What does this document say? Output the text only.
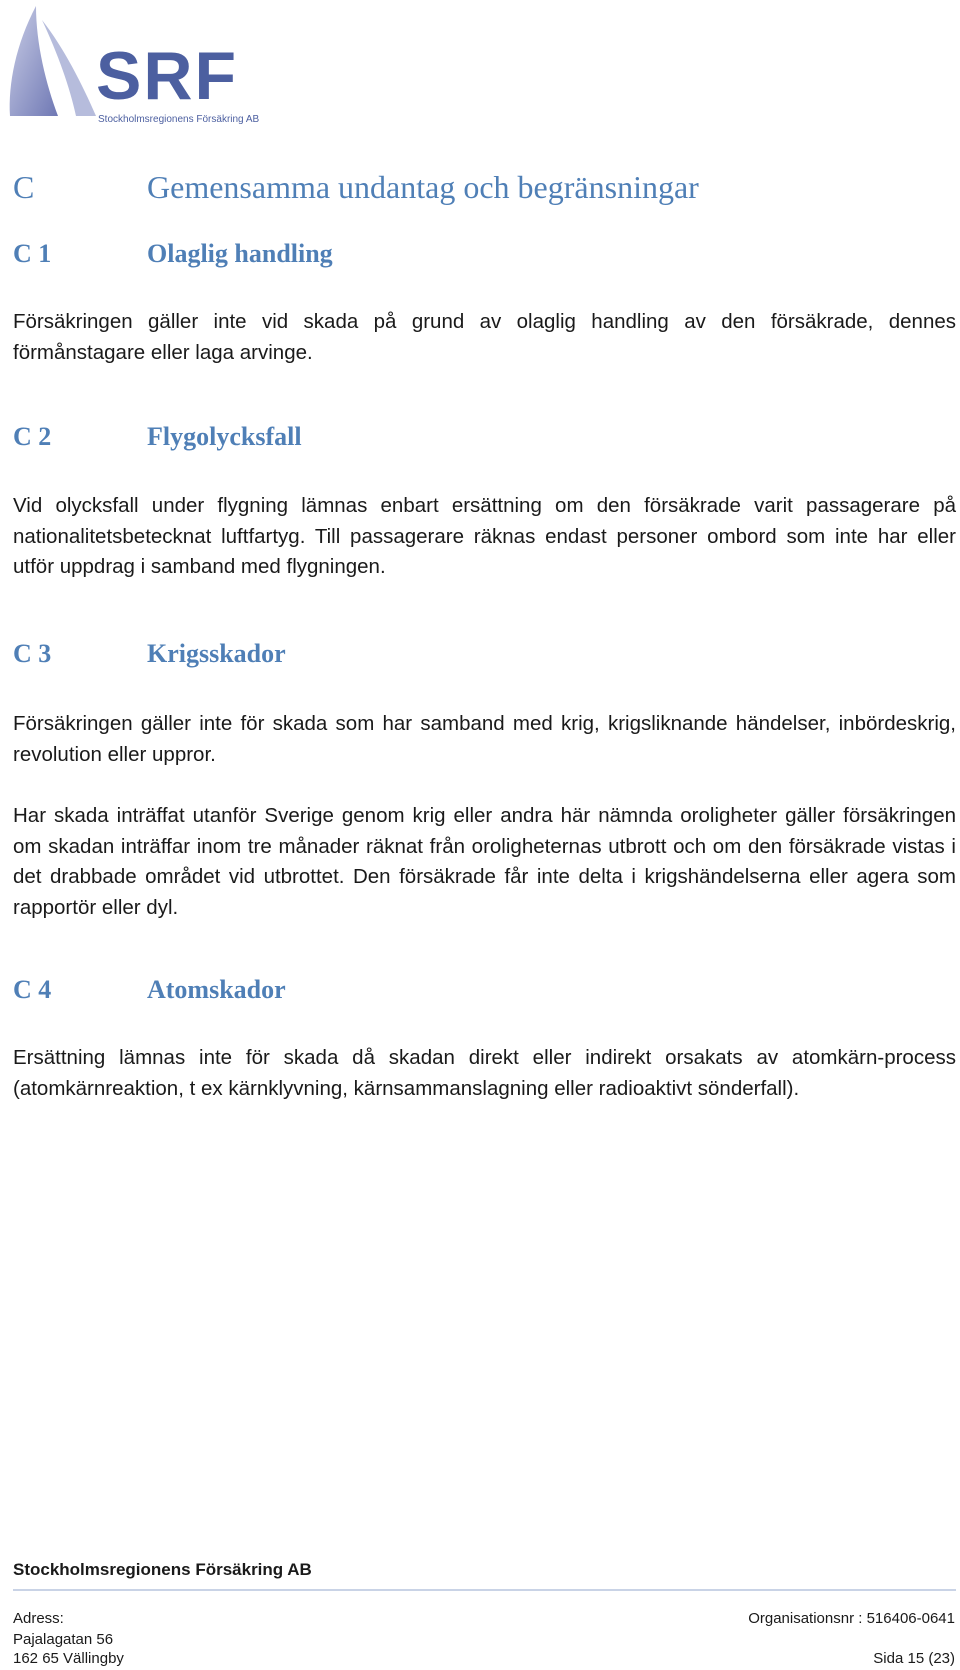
SRF
Stockholmsregionens Försäkring AB
C	Gemensamma undantag och begränsningar
C 1	Olaglig handling

Försäkringen gäller inte vid skada på grund av olaglig handling av den försäkrade, dennes förmånstagare eller laga arvinge.

C 2	Flygolycksfall

Vid olycksfall under flygning lämnas enbart ersättning om den försäkrade varit passagerare på nationalitetsbetecknat luftfartyg. Till passagerare räknas endast personer ombord som inte har eller utför uppdrag i samband med flygningen.

C 3	Krigsskador

Försäkringen gäller inte för skada som har samband med krig, krigsliknande händelser, inbördeskrig, revolution eller uppror.

Har skada inträffat utanför Sverige genom krig eller andra här nämnda oroligheter gäller försäkringen om skadan inträffar inom tre månader räknat från oroligheternas utbrott och om den försäkrade vistas i det drabbade området vid utbrottet. Den försäkrade får inte delta i krigshändelserna eller agera som rapportör eller dyl.

C 4	Atomskador

Ersättning lämnas inte för skada då skadan direkt eller indirekt orsakats av atomkärn-process (atomkärnreaktion, t ex kärnklyvning, kärnsammanslagning eller radioaktivt sönderfall).

Stockholmsregionens Försäkring AB
Adress:
Pajalagatan 56
162 65 Vällingby
Organisationsnr : 516406-0641
Sida 15 (23)
